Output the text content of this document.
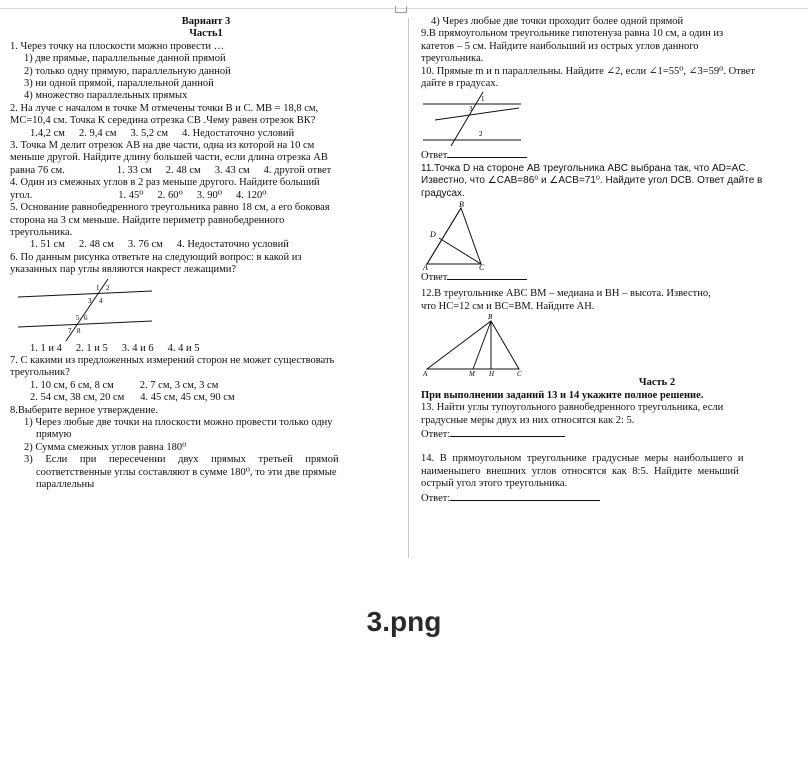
Вариант 3
Часть1
1. Через точку на плоскости можно провести …
1) две прямые, параллельные данной прямой
2) только одну прямую, параллельную данной
3) ни одной прямой, параллельной данной
4) множество параллельных прямых
2. На луче с началом в точке М отмечены точки В и С. МВ = 18,8 см,
МС=10,4 см. Точка К середина отрезка СВ .Чему равен отрезок ВК?
1.4,2 см 2. 9,4 см 3. 5,2 см 4. Недостаточно условий
3. Точка М делит отрезок АВ на две части, одна из которой на 10 см
меньше другой. Найдите длину большей части, если длина отрезка АВ
равна 76 см.	1. 33 см 2. 48 см 3. 43 см 4. другой ответ
4. Один из смежных углов в 2 раз меньше другого. Найдите больший
угол.	1. 45⁰ 2. 60⁰ 3. 90⁰ 4. 120⁰
5. Основание равнобедренного треугольника равно 18 см, а его боковая
сторона на 3 см меньше. Найдите периметр равнобедренного
треугольника.
1. 51 см 2. 48 см 3. 76 см 4. Недостаточно условий
6. По данным рисунка ответьте на следующий вопрос: в какой из
указанных пар углы являются накрест лежащими?
1 2
3 4
5 6
7 8
1. 1 и 4 2. 1 и 5 3. 4 и 6 4. 4 и 5
7. С какими из предложенных измерений сторон не может существовать
треугольник?
1. 10 см, 6 см, 8 см 2. 7 см, 3 см, 3 см
2. 54 см, 38 см, 20 см 4. 45 см, 45 см, 90 см
8.Выберите верное утверждение.
1) Через любые две точки на плоскости можно провести только одну
прямую
2) Сумма смежных углов равна 180⁰
3) Если при пересечении двух прямых третьей прямой
соответственные углы составляют в сумме 180⁰, то эти две прямые
параллельны
4) Через любые две точки проходит более одной прямой
9.В прямоугольном треугольнике гипотенуза равна 10 см, а один из
катетов – 5 см. Найдите наибольший из острых углов данного
треугольника.
10. Прямые m и n параллельны. Найдите ∠2, если ∠1=55⁰, ∠3=59⁰. Ответ
дайте в градусах.
1
3
2
Ответ
11.Точка D на стороне AB треугольника ABC выбрана так, что AD=AC.
Известно, что ∠CAB=86⁰ и ∠ACB=71⁰. Найдите угол DCB. Ответ дайте в
градусах.
B
D
A	C
Ответ
12.В треугольнике АВС ВМ – медиана и ВН – высота. Известно,
что НС=12 см и ВС=ВМ. Найдите АН.
B
A	M H	C
Часть 2
При выполнении заданий 13 и 14 укажите полное решение.
13. Найти углы тупоугольного равнобедренного треугольника, если
градусные меры двух из них относятся как 2: 5.
Ответ:
14. В прямоугольном треугольнике градусные меры наибольшего и
наименьшего внешних углов относятся как 8:5. Найдите меньший
острый угол этого треугольника.
Ответ:
3.png
